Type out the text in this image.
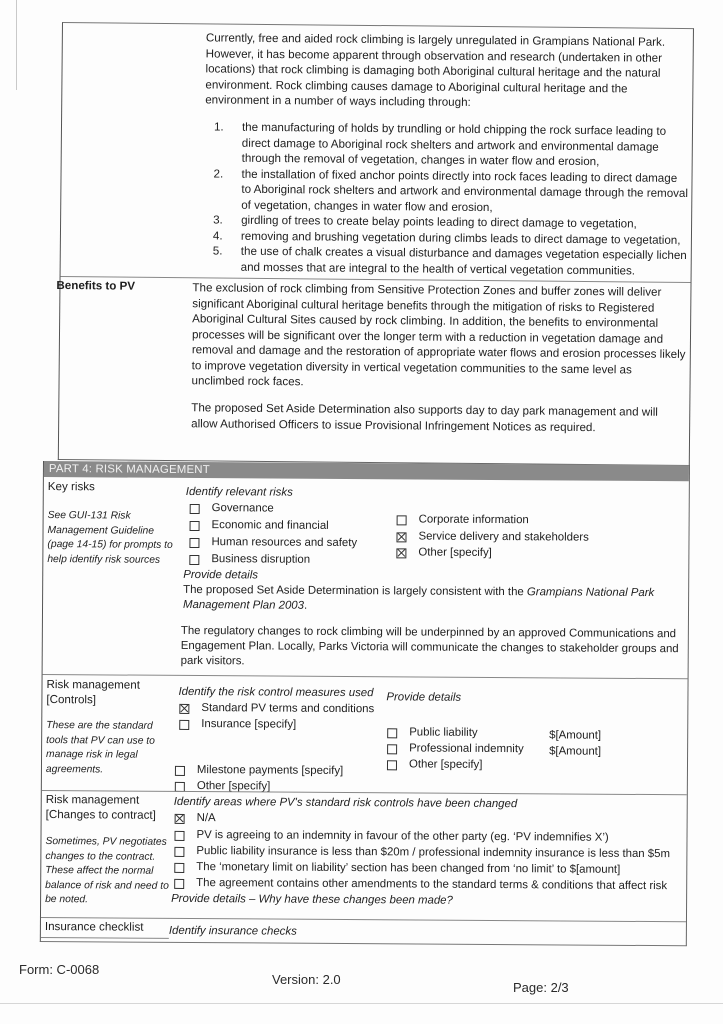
Currently, free and aided rock climbing is largely unregulated in Grampians National Park. However, it has become apparent through observation and research (undertaken in other locations) that rock climbing is damaging both Aboriginal cultural heritage and the natural environment. Rock climbing causes damage to Aboriginal cultural heritage and the environment in a number of ways including through:
1. the manufacturing of holds by trundling or hold chipping the rock surface leading to direct damage to Aboriginal rock shelters and artwork and environmental damage through the removal of vegetation, changes in water flow and erosion,
2. the installation of fixed anchor points directly into rock faces leading to direct damage to Aboriginal rock shelters and artwork and environmental damage through the removal of vegetation, changes in water flow and erosion,
3. girdling of trees to create belay points leading to direct damage to vegetation,
4. removing and brushing vegetation during climbs leads to direct damage to vegetation,
5. the use of chalk creates a visual disturbance and damages vegetation especially lichen and mosses that are integral to the health of vertical vegetation communities.
Benefits to PV	The exclusion of rock climbing from Sensitive Protection Zones and buffer zones will deliver significant Aboriginal cultural heritage benefits through the mitigation of risks to Registered Aboriginal Cultural Sites caused by rock climbing. In addition, the benefits to environmental processes will be significant over the longer term with a reduction in vegetation damage and removal and damage and the restoration of appropriate water flows and erosion processes likely to improve vegetation diversity in vertical vegetation communities to the same level as unclimbed rock faces.
The proposed Set Aside Determination also supports day to day park management and will allow Authorised Officers to issue Provisional Infringement Notices as required.
PART 4: RISK MANAGEMENT
Key risks
See GUI-131 Risk Management Guideline (page 14-15) for prompts to help identify risk sources
Identify relevant risks
Governance
Economic and financial
Human resources and safety
Business disruption
Corporate information
Service delivery and stakeholders
Other [specify]
Provide details
The proposed Set Aside Determination is largely consistent with the Grampians National Park Management Plan 2003.
The regulatory changes to rock climbing will be underpinned by an approved Communications and Engagement Plan. Locally, Parks Victoria will communicate the changes to stakeholder groups and park visitors.
Risk management
[Controls]
These are the standard tools that PV can use to manage risk in legal agreements.
Identify the risk control measures used Provide details
Standard PV terms and conditions
Insurance [specify]
Milestone payments [specify]
Other [specify]
Public liability	$[Amount]
Professional indemnity $[Amount]
Other [specify]
Risk management
[Changes to contract]
Sometimes, PV negotiates changes to the contract. These affect the normal balance of risk and need to be noted.
Identify areas where PV's standard risk controls have been changed
N/A
PV is agreeing to an indemnity in favour of the other party (eg. ‘PV indemnifies X’)
Public liability insurance is less than $20m / professional indemnity insurance is less than $5m
The ‘monetary limit on liability’ section has been changed from ‘no limit’ to $[amount]
The agreement contains other amendments to the standard terms & conditions that affect risk
Provide details – Why have these changes been made?
Insurance checklist Identify insurance checks
Form: C-0068
Version: 2.0
Page: 2/3
